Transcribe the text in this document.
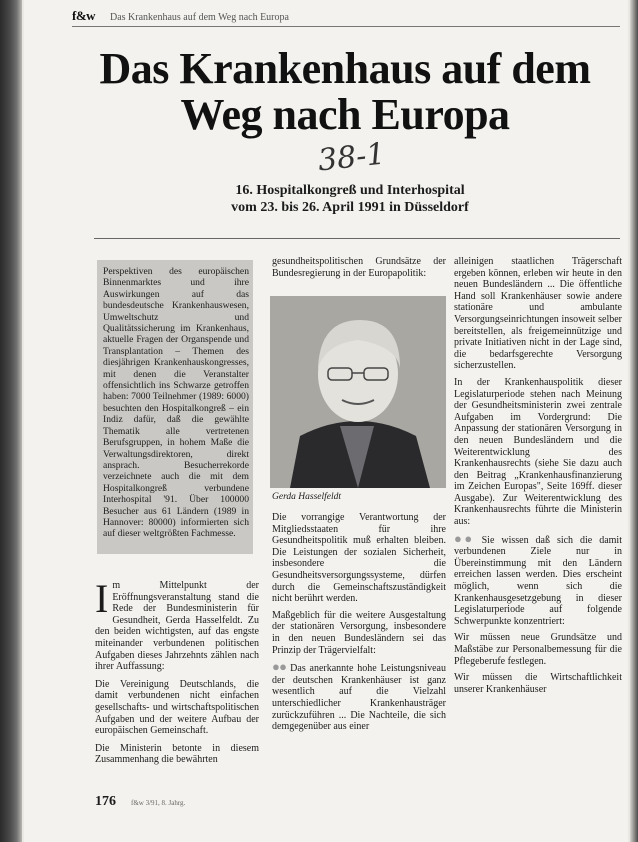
f&w Das Krankenhaus auf dem Weg nach Europa
Das Krankenhaus auf dem Weg nach Europa
38-1
16. Hospitalkongreß und Interhospital
vom 23. bis 26. April 1991 in Düsseldorf
Perspektiven des europäischen Binnenmarktes und ihre Auswirkungen auf das bundesdeutsche Krankenhauswesen, Umweltschutz und Qualitätssicherung im Krankenhaus, aktuelle Fragen der Organspende und Transplantation – Themen des diesjährigen Krankenhauskongresses, mit denen die Veranstalter offensichtlich ins Schwarze getroffen haben: 7000 Teilnehmer (1989: 6000) besuchten den Hospitalkongreß – ein Indiz dafür, daß die gewählte Thematik alle vertretenen Berufsgruppen, in hohem Maße die Verwaltungsdirektoren, direkt ansprach. Besucherrekorde verzeichnete auch die mit dem Hospitalkongreß verbundene Interhospital '91. Über 100000 Besucher aus 61 Ländern (1989 in Hannover: 80000) informierten sich auf dieser weltgrößten Fachmesse.

Im Mittelpunkt der Eröffnungsveranstaltung stand die Rede der Bundesministerin für Gesundheit, Gerda Hasselfeldt. Zu den beiden wichtigsten, auf das engste miteinander verbundenen politischen Aufgaben dieses Jahrzehnts zählen nach ihrer Auffassung:

Die Vereinigung Deutschlands, die damit verbundenen nicht einfachen gesellschafts- und wirtschaftspolitischen Aufgaben und der weitere Aufbau der europäischen Gemeinschaft.

Die Ministerin betonte in diesem Zusammenhang die bewährten

gesundheitspolitischen Grundsätze der Bundesregierung in der Europapolitik:
Gerda Hasselfeldt

Die vorrangige Verantwortung der Mitgliedsstaaten für ihre Gesundheitspolitik muß erhalten bleiben. Die Leistungen der sozialen Sicherheit, insbesondere die Gesundheitsversorgungssysteme, dürfen durch die Gemeinschaftszuständigkeit nicht berührt werden.

Maßgeblich für die weitere Ausgestaltung der stationären Versorgung, insbesondere in den neuen Bundesländern sei das Prinzip der Trägervielfalt:

●● Das anerkannte hohe Leistungsniveau der deutschen Krankenhäuser ist ganz wesentlich auf die Vielzahl unterschiedlicher Krankenhausträger zurückzuführen ... Die Nachteile, die sich demgegenüber aus einer

alleinigen staatlichen Trägerschaft ergeben können, erleben wir heute in den neuen Bundesländern ... Die öffentliche Hand soll Krankenhäuser sowie andere stationäre und ambulante Versorgungseinrichtungen insoweit selber bereitstellen, als freigemeinnützige und private Initiativen nicht in der Lage sind, die bedarfsgerechte Versorgung sicherzustellen.

In der Krankenhauspolitik dieser Legislaturperiode stehen nach Meinung der Gesundheitsministerin zwei zentrale Aufgaben im Vordergrund: Die Anpassung der stationären Versorgung in den neuen Bundesländern und die Weiterentwicklung des Krankenhausrechts (siehe Sie dazu auch den Beitrag „Krankenhausfinanzierung im Zeichen Europas", Seite 169ff. dieser Ausgabe). Zur Weiterentwicklung des Krankenhausrechts führte die Ministerin aus:

●● Sie wissen daß sich die damit verbundenen Ziele nur in Übereinstimmung mit den Ländern erreichen lassen werden. Dies erscheint möglich, wenn sich die Krankenhausgesetzgebung in dieser Legislaturperiode auf folgende Schwerpunkte konzentriert:

Wir müssen neue Grundsätze und Maßstäbe zur Personalbemessung für die Pflegeberufe festlegen.

Wir müssen die Wirtschaftlichkeit unserer Krankenhäuser

176 f&w 3/91, 8. Jahrg.
